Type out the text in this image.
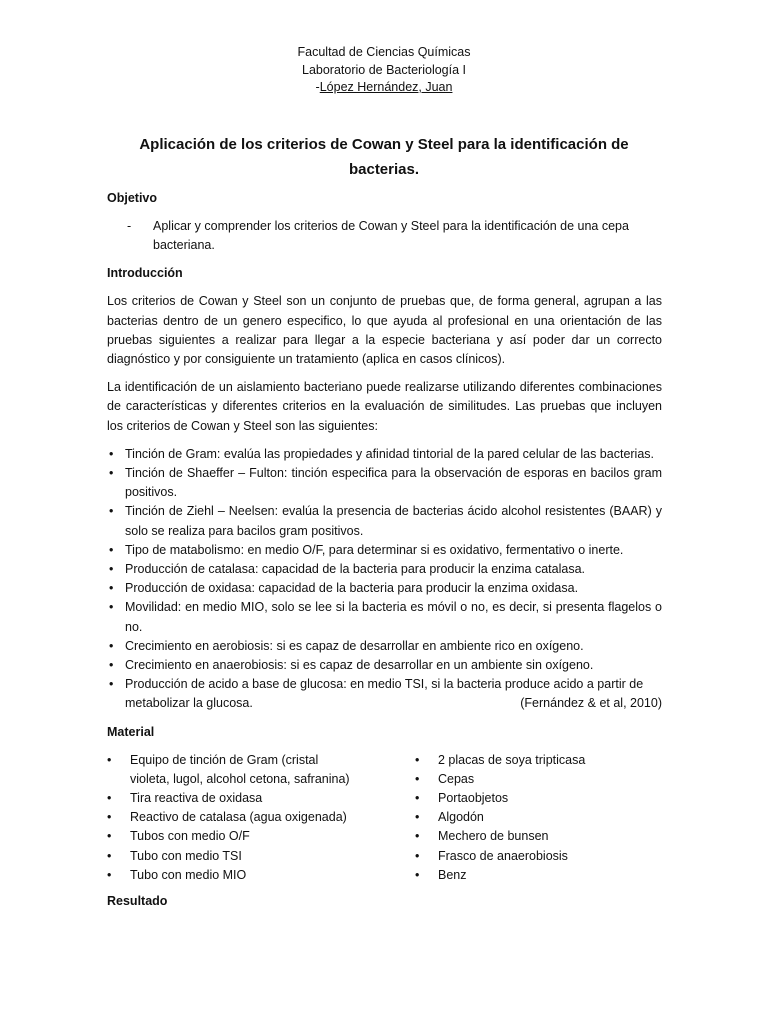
Facultad de Ciencias Químicas
Laboratorio de Bacteriología I
-López Hernández, Juan
Aplicación de los criterios de Cowan y Steel para la identificación de bacterias.
Objetivo
-	Aplicar y comprender los criterios de Cowan y Steel para la identificación de una cepa bacteriana.
Introducción

Los criterios de Cowan y Steel son un conjunto de pruebas que, de forma general, agrupan a las bacterias dentro de un genero especifico, lo que ayuda al profesional en una orientación de las pruebas siguientes a realizar para llegar a la especie bacteriana y así poder dar un correcto diagnóstico y por consiguiente un tratamiento (aplica en casos clínicos).

La identificación de un aislamiento bacteriano puede realizarse utilizando diferentes combinaciones de características y diferentes criterios en la evaluación de similitudes. Las pruebas que incluyen los criterios de Cowan y Steel son las siguientes:

• Tinción de Gram: evalúa las propiedades y afinidad tintorial de la pared celular de las bacterias.
• Tinción de Shaeffer – Fulton: tinción especifica para la observación de esporas en bacilos gram positivos.
• Tinción de Ziehl – Neelsen: evalúa la presencia de bacterias ácido alcohol resistentes (BAAR) y solo se realiza para bacilos gram positivos.
• Tipo de matabolismo: en medio O/F, para determinar si es oxidativo, fermentativo o inerte.
• Producción de catalasa: capacidad de la bacteria para producir la enzima catalasa.
• Producción de oxidasa: capacidad de la bacteria para producir la enzima oxidasa.
• Movilidad: en medio MIO, solo se lee si la bacteria es móvil o no, es decir, si presenta flagelos o no.
• Crecimiento en aerobiosis: si es capaz de desarrollar en ambiente rico en oxígeno.
• Crecimiento en anaerobiosis: si es capaz de desarrollar en un ambiente sin oxígeno.
• Producción de acido a base de glucosa: en medio TSI, si la bacteria produce acido a partir de
metabolizar la glucosa.	(Fernández & et al, 2010)
Material
• Equipo de tinción de Gram (cristal violeta, lugol, alcohol cetona, safranina)
• Tira reactiva de oxidasa
• Reactivo de catalasa (agua oxigenada)
• Tubos con medio O/F
• Tubo con medio TSI
• Tubo con medio MIO
• 2 placas de soya tripticasa
• Cepas
• Portaobjetos
• Algodón
• Mechero de bunsen
• Frasco de anaerobiosis
• Benz
Resultado
